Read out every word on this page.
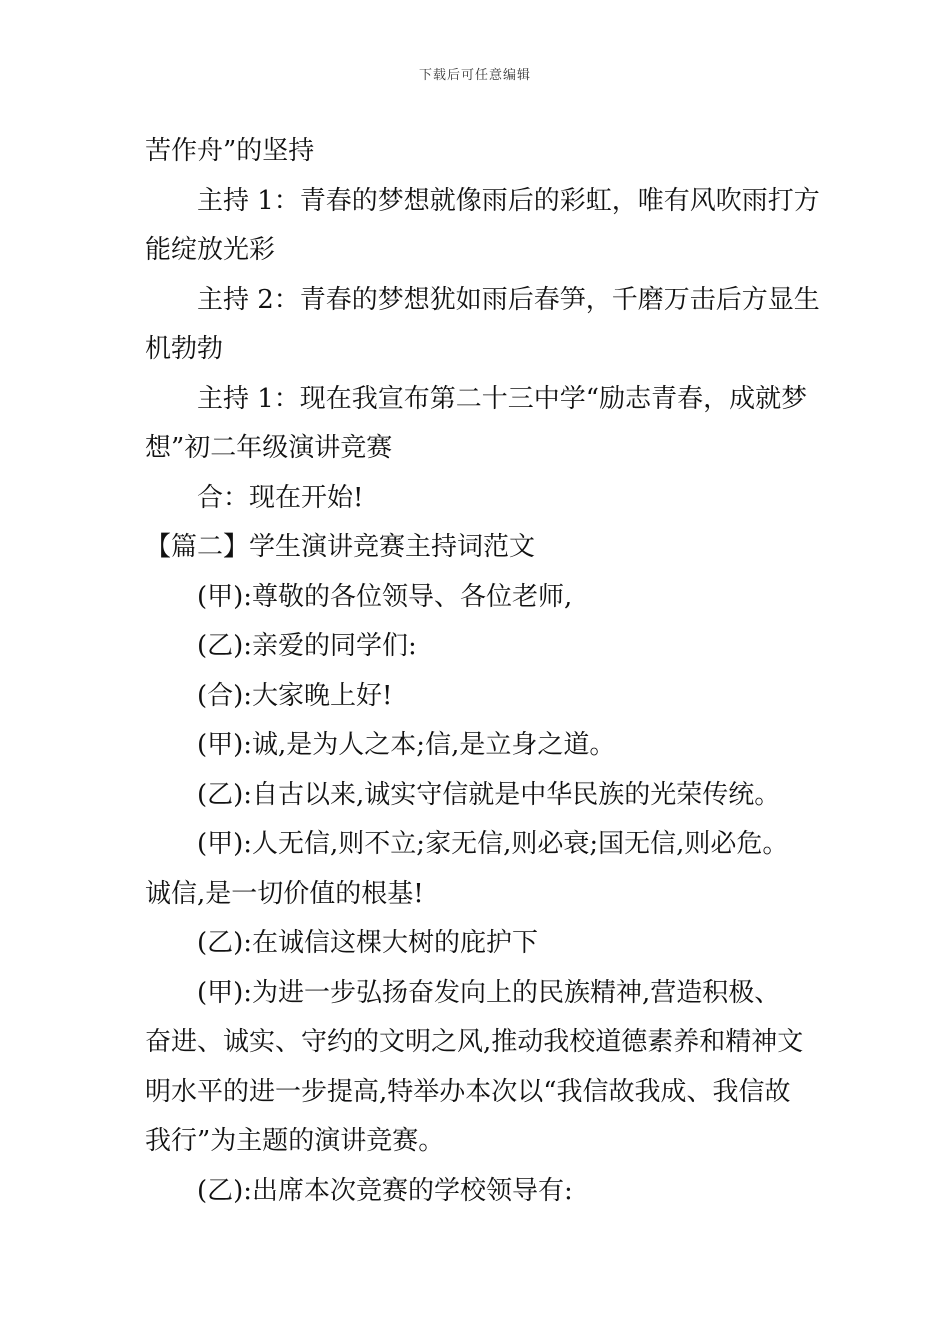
下载后可任意编辑
苦作舟”的坚持
主持 1：青春的梦想就像雨后的彩虹，唯有风吹雨打方
能绽放光彩
主持 2：青春的梦想犹如雨后春笋，千磨万击后方显生
机勃勃
主持 1：现在我宣布第二十三中学“励志青春，成就梦
想”初二年级演讲竞赛
合：现在开始!
【篇二】学生演讲竞赛主持词范文
(甲):尊敬的各位领导、各位老师,
(乙):亲爱的同学们:
(合):大家晚上好!
(甲):诚,是为人之本;信,是立身之道。
(乙):自古以来,诚实守信就是中华民族的光荣传统。
(甲):人无信,则不立;家无信,则必衰;国无信,则必危。
诚信,是一切价值的根基!
(乙):在诚信这棵大树的庇护下
(甲):为进一步弘扬奋发向上的民族精神,营造积极、
奋进、诚实、守约的文明之风,推动我校道德素养和精神文
明水平的进一步提高,特举办本次以“我信故我成、我信故
我行”为主题的演讲竞赛。
(乙):出席本次竞赛的学校领导有:
